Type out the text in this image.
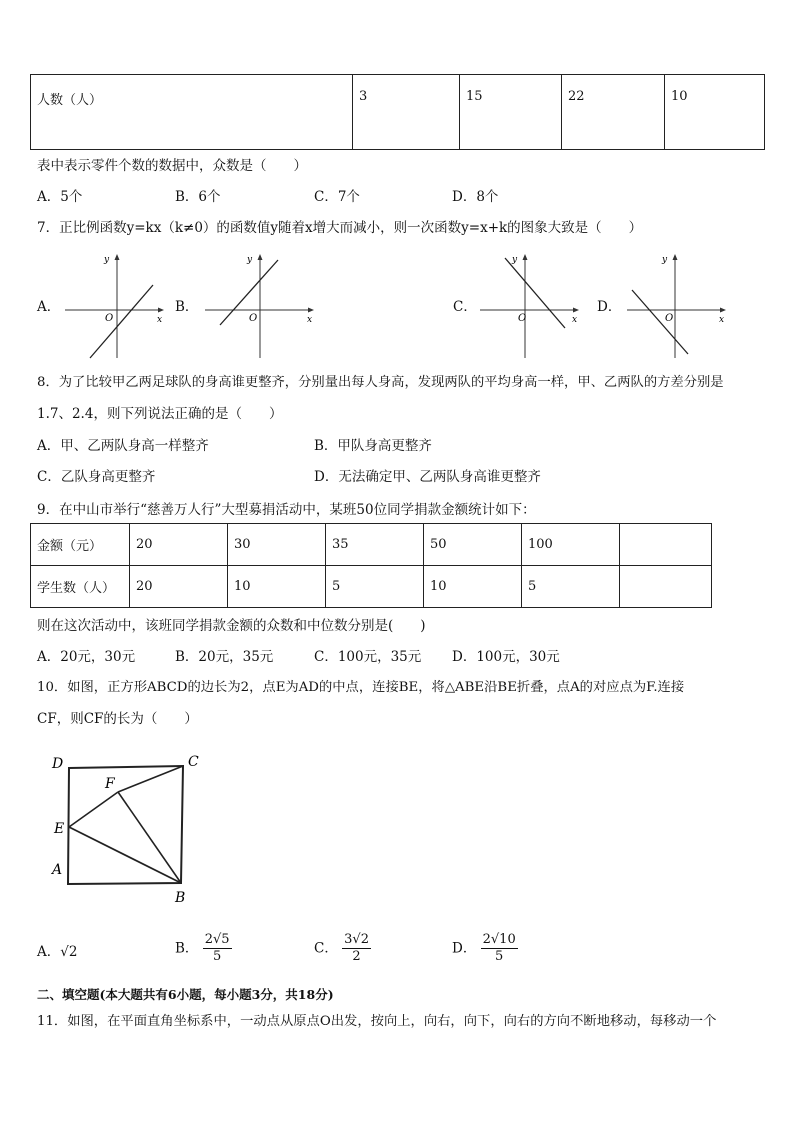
人数（人）	3	15	22	10
表中表示零件个数的数据中，众数是（　　）
A．5个	B．6个	C．7个	D．8个
7．正比例函数y=kx（k≠0）的函数值y随着x增大而减小，则一次函数y=x+k的图象大致是（　　）
A．
y
x
O
B．
y
x
O
C．
y
x
O
D．
y
x
O
8．为了比较甲乙两足球队的身高谁更整齐，分别量出每人身高，发现两队的平均身高一样，甲、乙两队的方差分别是
1.7、2.4，则下列说法正确的是（　　）
A．甲、乙两队身高一样整齐	B．甲队身高更整齐
C．乙队身高更整齐	D．无法确定甲、乙两队身高谁更整齐
9．在中山市举行“慈善万人行”大型募捐活动中，某班50位同学捐款金额统计如下：
金额（元）	20	30	35	50	100	
学生数（人）	20	10	5	10	5	
则在这次活动中，该班同学捐款金额的众数和中位数分别是(　　)
A．20元，30元	B．20元，35元	C．100元，35元 D．100元，30元
10．如图，正方形ABCD的边长为2，点E为AD的中点，连接BE，将△ABE沿BE折叠，点A的对应点为F.连接
CF，则CF的长为（　　）
D	C
F
E
A
B
A．√2	B． $\frac{2√5}{5}$	C． $\frac{3√2}{2}$	D． $\frac{2√10}{5}$
二、填空题(本大题共有6小题，每小题3分，共18分)
11．如图，在平面直角坐标系中，一动点从原点O出发，按向上，向右，向下，向右的方向不断地移动，每移动一个
